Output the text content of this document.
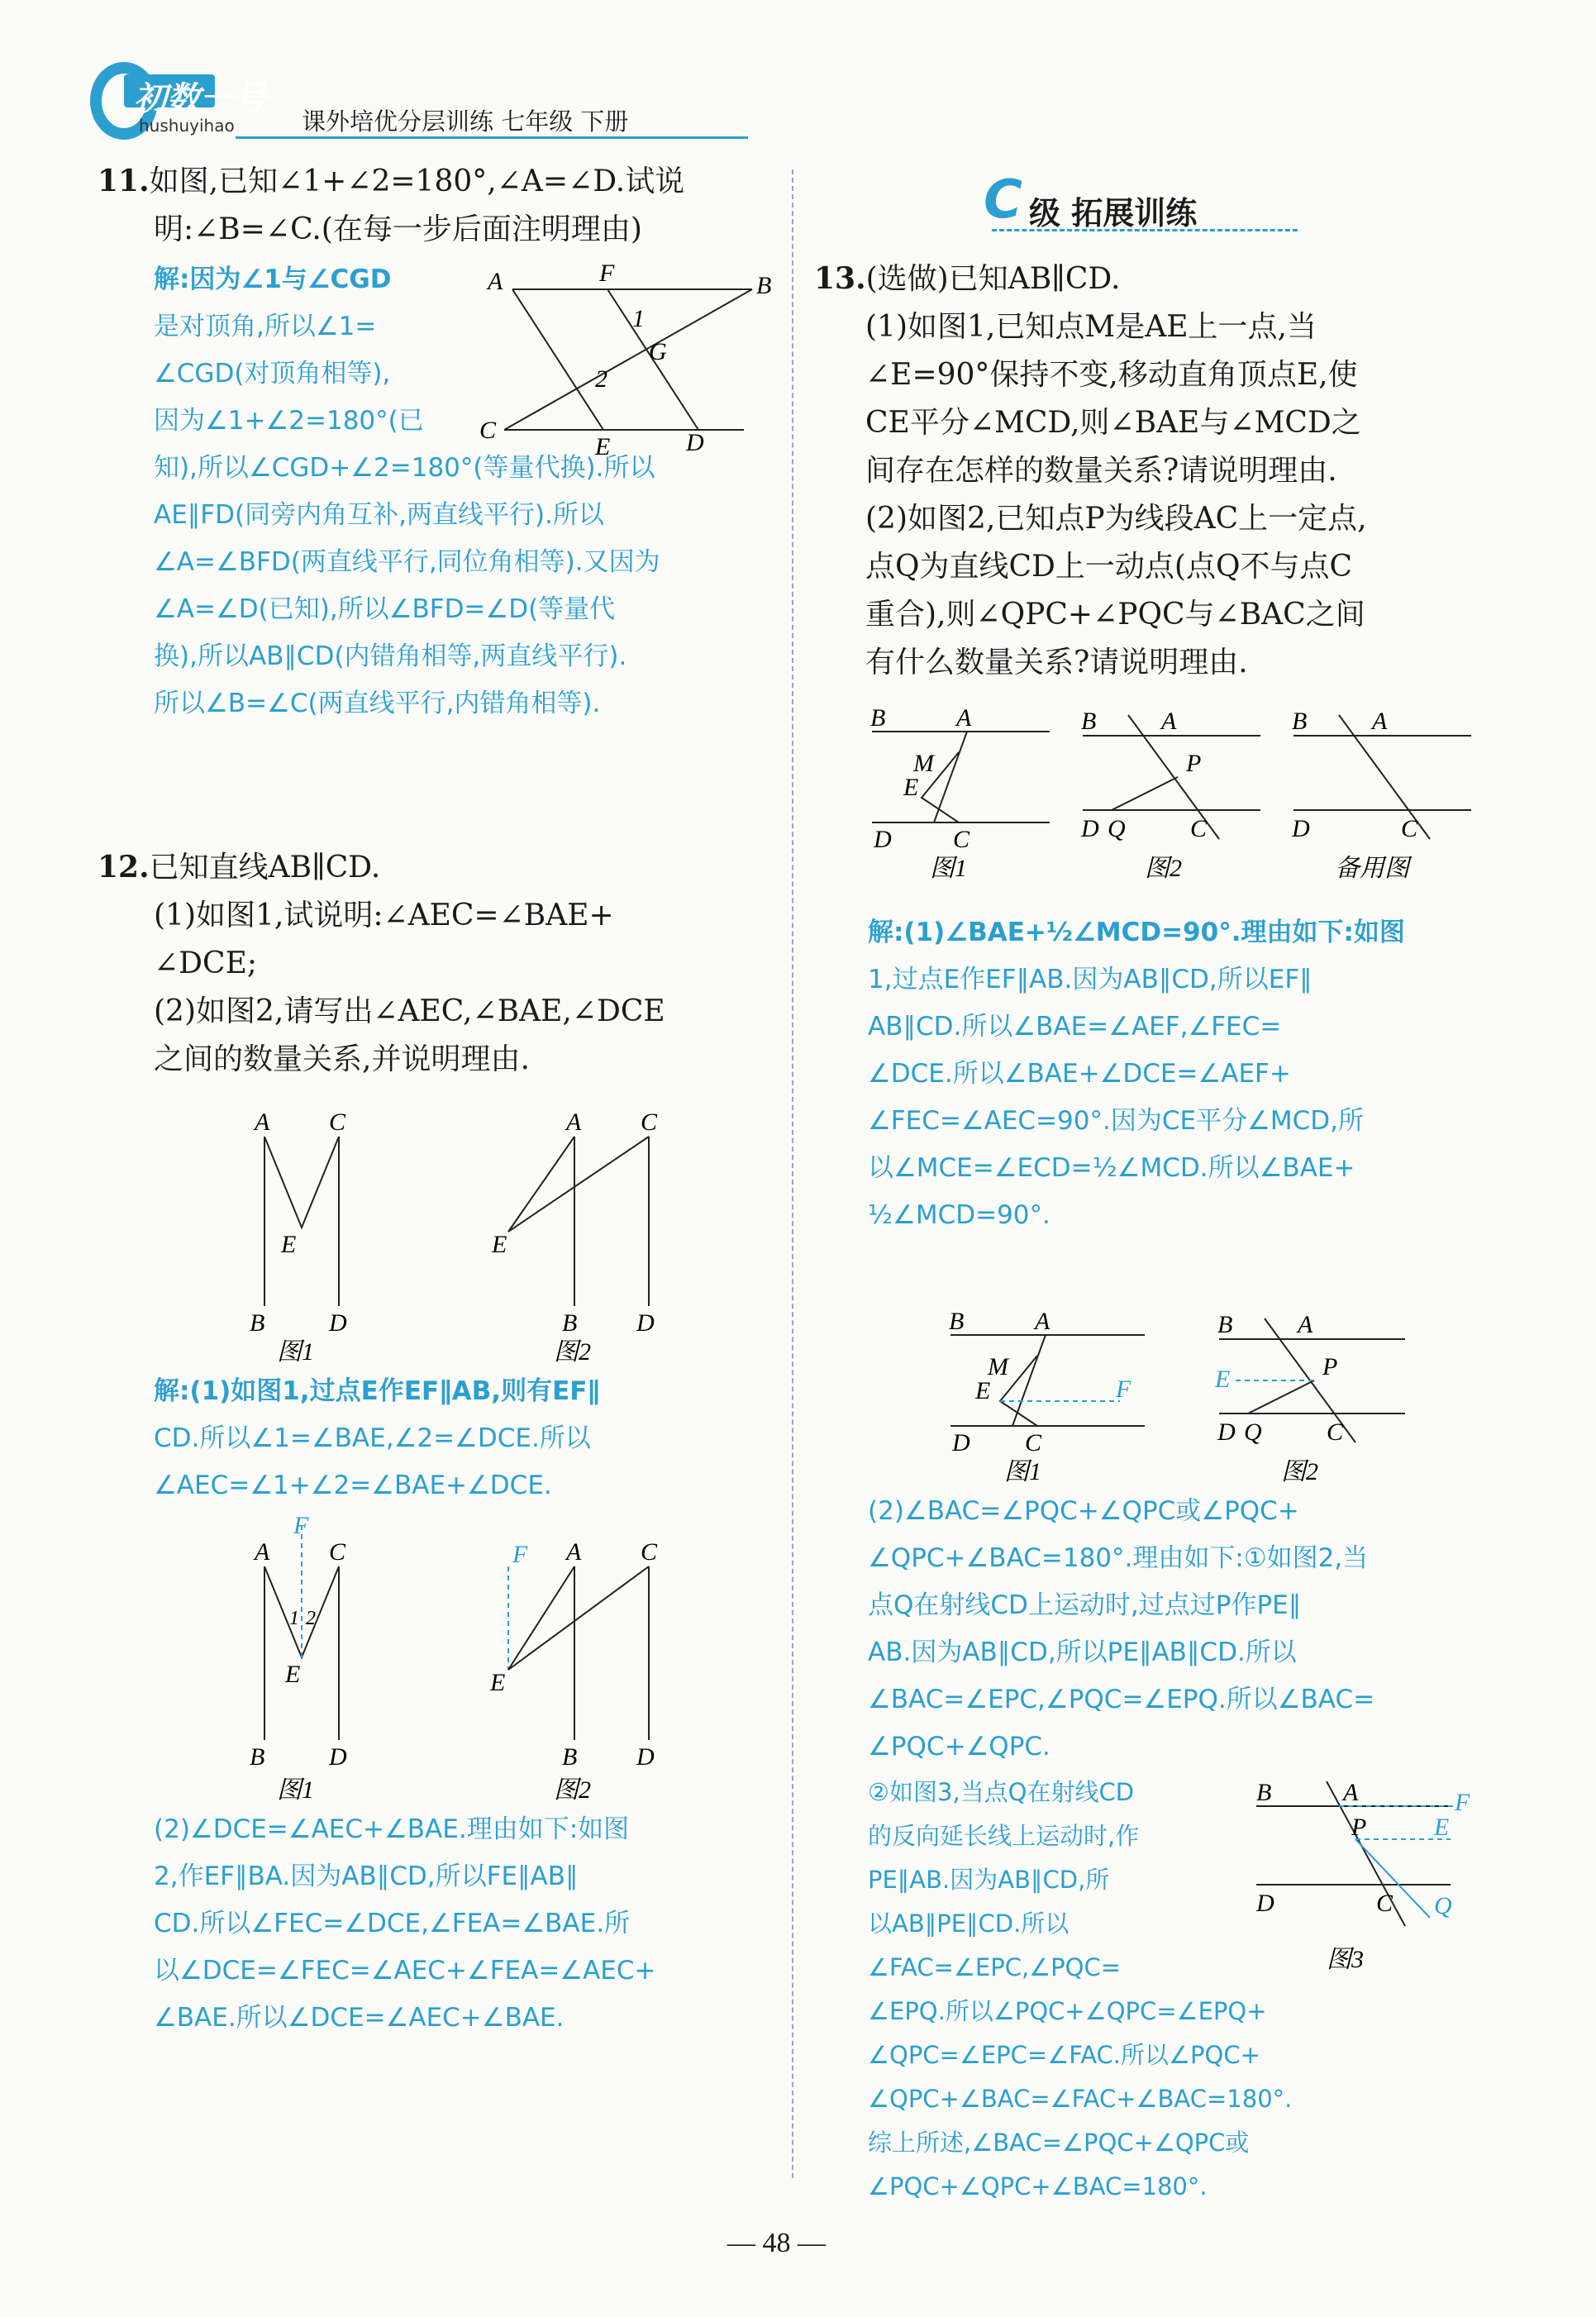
初数一号
hushuyihao	课外培优分层训练 七年级 下册
11.如图,已知∠1+∠2=180°,∠A=∠D.试说
明:∠B=∠C.(在每一步后面注明理由)
解:因为∠1与∠CGD
是对顶角,所以∠1=
∠CGD(对顶角相等),
因为∠1+∠2=180°(已
知),所以∠CGD+∠2=180°(等量代换).所以
AE∥FD(同旁内角互补,两直线平行).所以
∠A=∠BFD(两直线平行,同位角相等).又因为
∠A=∠D(已知),所以∠BFD=∠D(等量代
换),所以AB∥CD(内错角相等,两直线平行).
所以∠B=∠C(两直线平行,内错角相等).
A	F	B
1
G
2
C
E	D
12.已知直线AB∥CD.
(1)如图1,试说明:∠AEC=∠BAE+
∠DCE;
(2)如图2,请写出∠AEC,∠BAE,∠DCE
之间的数量关系,并说明理由.
A C
E
B	D
图1
A C
E
B D
图2
解:(1)如图1,过点E作EF∥AB,则有EF∥
CD.所以∠1=∠BAE,∠2=∠DCE.所以
∠AEC=∠1+∠2=∠BAE+∠DCE.
F
A C
E
1 2
B	D
图1
F A C
E
B D
图2
(2)∠DCE=∠AEC+∠BAE.理由如下:如图
2,作EF∥BA.因为AB∥CD,所以FE∥AB∥
CD.所以∠FEC=∠DCE,∠FEA=∠BAE.所
以∠DCE=∠FEC=∠AEC+∠FEA=∠AEC+
∠BAE.所以∠DCE=∠AEC+∠BAE.
C 级 拓展训练
13.(选做)已知AB∥CD.
(1)如图1,已知点M是AE上一点,当
∠E=90°保持不变,移动直角顶点E,使
CE平分∠MCD,则∠BAE与∠MCD之
间存在怎样的数量关系?请说明理由.
(2)如图2,已知点P为线段AC上一定点,
点Q为直线CD上一动点(点Q不与点C
重合),则∠QPC+∠PQC与∠BAC之间
有什么数量关系?请说明理由.
B	A
M
E
D C
图1
B	A
P
D Q	C
图2
B	A
D	C
备用图
解:(1)∠BAE+½∠MCD=90°.理由如下:如图
1,过点E作EF∥AB.因为AB∥CD,所以EF∥
AB∥CD.所以∠BAE=∠AEF,∠FEC=
∠DCE.所以∠BAE+∠DCE=∠AEF+
∠FEC=∠AEC=90°.因为CE平分∠MCD,所
以∠MCE=∠ECD=½∠MCD.所以∠BAE+
½∠MCD=90°.
F
B	A
M
E
D C
图1
E
B	A
P
D Q	C
图2
(2)∠BAC=∠PQC+∠QPC或∠PQC+
∠QPC+∠BAC=180°.理由如下:①如图2,当
点Q在射线CD上运动时,过点过P作PE∥
AB.因为AB∥CD,所以PE∥AB∥CD.所以
∠BAC=∠EPC,∠PQC=∠EPQ.所以∠BAC=
∠PQC+∠QPC.
②如图3,当点Q在射线CD
的反向延长线上运动时,作
PE∥AB.因为AB∥CD,所
以AB∥PE∥CD.所以
∠FAC=∠EPC,∠PQC=
∠EPQ.所以∠PQC+∠QPC=∠EPQ+
∠QPC=∠EPC=∠FAC.所以∠PQC+
∠QPC+∠BAC=∠FAC+∠BAC=180°.
综上所述,∠BAC=∠PQC+∠QPC或
∠PQC+∠QPC+∠BAC=180°.
B	A	F
P	E
D	C Q
图3
— 48 —
